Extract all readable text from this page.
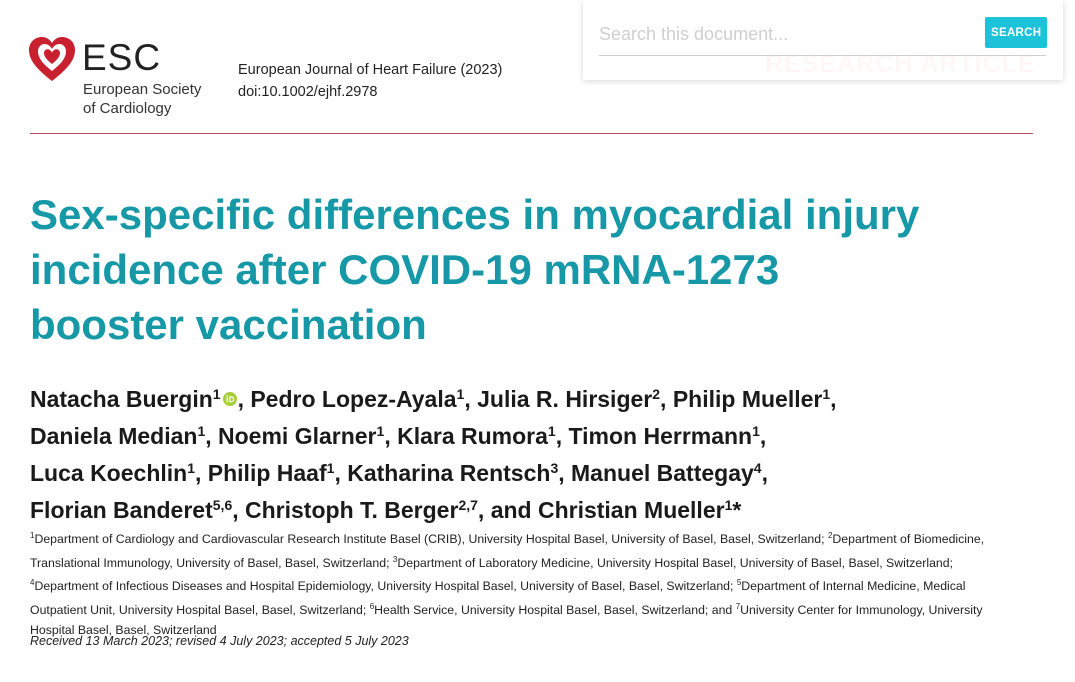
ESC
European Society
of Cardiology
European Journal of Heart Failure (2023)
doi:10.1002/ejhf.2978
Search this document...
SEARCH
Sex-specific differences in myocardial injury
incidence after COVID-19 mRNA-1273
booster vaccination
Natacha Buergin$^1$ , Pedro Lopez-Ayala$^1$, Julia R. Hirsiger$^2$, Philip Mueller$^1$,
Daniela Median$^1$, Noemi Glarner$^1$, Klara Rumora$^1$, Timon Herrmann$^1$,
Luca Koechlin$^1$, Philip Haaf$^1$, Katharina Rentsch$^3$, Manuel Battegay$^4$,
Florian Banderet$^{5,6}$, Christoph T. Berger$^{2,7}$, and Christian Mueller$^1$*
$^1$Department of Cardiology and Cardiovascular Research Institute Basel (CRIB), University Hospital Basel, University of Basel, Basel, Switzerland; $^2$Department of Biomedicine,
Translational Immunology, University of Basel, Basel, Switzerland; $^3$Department of Laboratory Medicine, University Hospital Basel, University of Basel, Basel, Switzerland;
$^4$Department of Infectious Diseases and Hospital Epidemiology, University Hospital Basel, University of Basel, Basel, Switzerland; $^5$Department of Internal Medicine, Medical
Outpatient Unit, University Hospital Basel, Basel, Switzerland; $^6$Health Service, University Hospital Basel, Basel, Switzerland; and $^7$University Center for Immunology, University
Hospital Basel, Basel, Switzerland
Received 13 March 2023; revised 4 July 2023; accepted 5 July 2023
